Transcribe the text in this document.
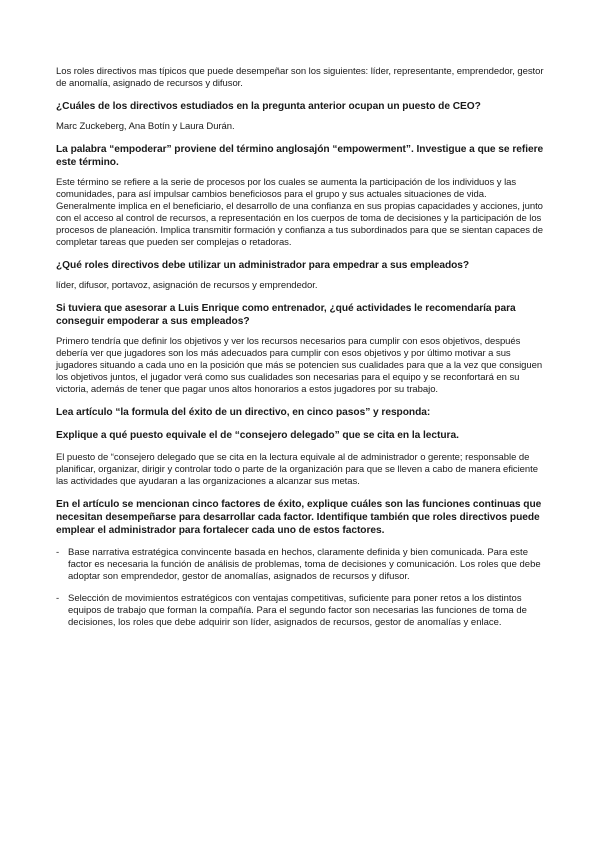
Los roles directivos mas típicos que puede desempeñar son los siguientes: líder, representante, emprendedor, gestor de anomalía, asignado de recursos y difusor.

¿Cuáles de los directivos estudiados en la pregunta anterior ocupan un puesto de CEO?

Marc Zuckeberg, Ana Botín y Laura Durán.

La palabra “empoderar” proviene del término anglosajón “empowerment”. Investigue a que se refiere este término.

Este término se refiere a la serie de procesos por los cuales se aumenta la participación de los individuos y las comunidades, para así impulsar cambios beneficiosos para el grupo y sus actuales situaciones de vida. Generalmente implica en el beneficiario, el desarrollo de una confianza en sus propias capacidades y acciones, junto con el acceso al control de recursos, a representación en los cuerpos de toma de decisiones y la participación de los procesos de planeación. Implica transmitir formación y confianza a tus subordinados para que se sientan capaces de completar tareas que pueden ser complejas o retadoras.

¿Qué roles directivos debe utilizar un administrador para empedrar a sus empleados?

líder, difusor, portavoz, asignación de recursos y emprendedor.

Si tuviera que asesorar a Luis Enrique como entrenador, ¿qué actividades le recomendaría para conseguir empoderar a sus empleados?

Primero tendría que definir los objetivos y ver los recursos necesarios para cumplir con esos objetivos, después debería ver que jugadores son los más adecuados para cumplir con esos objetivos y por último motivar a sus jugadores situando a cada uno en la posición que más se potencien sus cualidades para que a la vez que consiguen los objetivos juntos, el jugador verá como sus cualidades son necesarias para el equipo y se reconfortará en su victoria, además de tener que pagar unos altos honorarios a estos jugadores por su trabajo.

Lea artículo “la formula del éxito de un directivo, en cinco pasos” y responda:

Explique a qué puesto equivale el de “consejero delegado” que se cita en la lectura.

El puesto de “consejero delegado que se cita en la lectura equivale al de administrador o gerente; responsable de planificar, organizar, dirigir y controlar todo o parte de la organización para que se lleven a cabo de manera eficiente las actividades que ayudaran a las organizaciones a alcanzar sus metas.

En el artículo se mencionan cinco factores de éxito, explique cuáles son las funciones continuas que necesitan desempeñarse para desarrollar cada factor. Identifique también que roles directivos puede emplear el administrador para fortalecer cada uno de estos factores.

- Base narrativa estratégica convincente basada en hechos, claramente definida y bien comunicada. Para este factor es necesaria la función de análisis de problemas, toma de decisiones y comunicación. Los roles que debe adoptar son emprendedor, gestor de anomalías, asignados de recursos y difusor.
- Selección de movimientos estratégicos con ventajas competitivas, suficiente para poner retos a los distintos equipos de trabajo que forman la compañía. Para el segundo factor son necesarias las funciones de toma de decisiones, los roles que debe adquirir son líder, asignados de recursos, gestor de anomalías y enlace.
